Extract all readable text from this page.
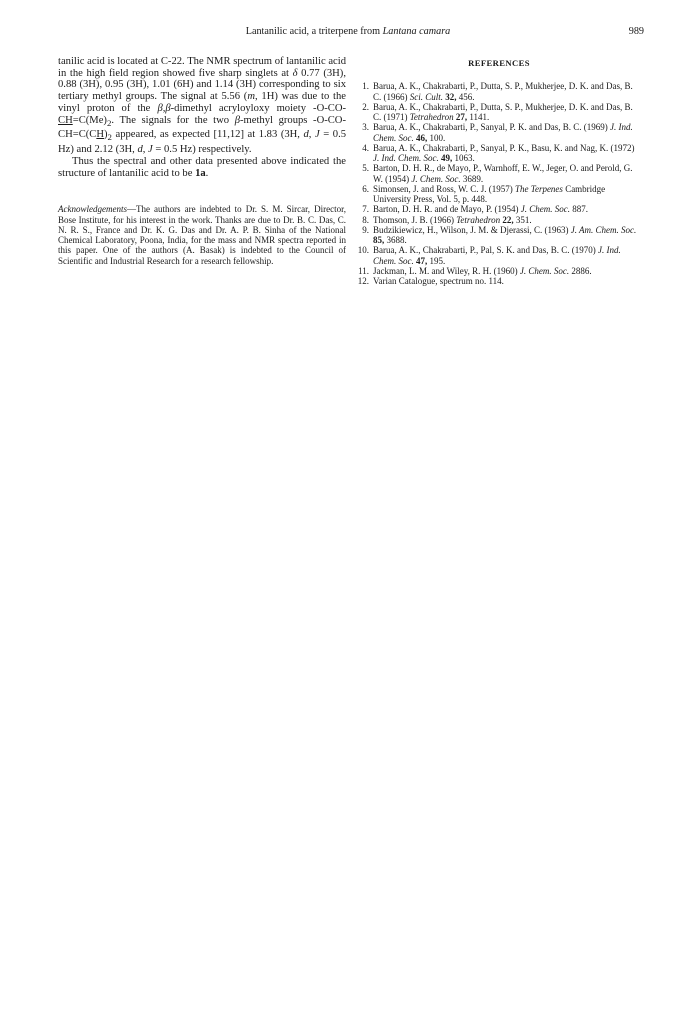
Lantanilic acid, a triterpene from Lantana camara	989

tanilic acid is located at C-22. The NMR spectrum of lantanilic acid in the high field region showed five sharp singlets at δ 0.77 (3H), 0.88 (3H), 0.95 (3H), 1.01 (6H) and 1.14 (3H) corresponding to six tertiary methyl groups. The signal at 5.56 (m, 1H) was due to the vinyl proton of the β,β-dimethyl acryloyloxy moiety $-O-CO-CH=C(Me)_2$. The signals for the two β-methyl groups $-O-CO-CH=C(CH)_2$ appeared, as expected [11,12] at 1.83 (3H, d, J = 0.5 Hz) and 2.12 (3H, d, J = 0.5 Hz) respectively.

Thus the spectral and other data presented above indicated the structure of lantanilic acid to be 1a.

Acknowledgements—The authors are indebted to Dr. S. M. Sircar, Director, Bose Institute, for his interest in the work. Thanks are due to Dr. B. C. Das, C. N. R. S., France and Dr. K. G. Das and Dr. A. P. B. Sinha of the National Chemical Laboratory, Poona, India, for the mass and NMR spectra reported in this paper. One of the authors (A. Basak) is indebted to the Council of Scientific and Industrial Research for a research fellowship.

REFERENCES
1. Barua, A. K., Chakrabarti, P., Dutta, S. P., Mukherjee, D. K. and Das, B. C. (1966) Sci. Cult. 32, 456.
2. Barua, A. K., Chakrabarti, P., Dutta, S. P., Mukherjee, D. K. and Das, B. C. (1971) Tetrahedron 27, 1141.
3. Barua, A. K., Chakrabarti, P., Sanyal, P. K. and Das, B. C. (1969) J. Ind. Chem. Soc. 46, 100.
4. Barua, A. K., Chakrabarti, P., Sanyal, P. K., Basu, K. and Nag, K. (1972) J. Ind. Chem. Soc. 49, 1063.
5. Barton, D. H. R., de Mayo, P., Warnhoff, E. W., Jeger, O. and Perold, G. W. (1954) J. Chem. Soc. 3689.
6. Simonsen, J. and Ross, W. C. J. (1957) The Terpenes Cambridge University Press, Vol. 5, p. 448.
7. Barton, D. H. R. and de Mayo, P. (1954) J. Chem. Soc. 887.
8. Thomson, J. B. (1966) Tetrahedron 22, 351.
9. Budzikiewicz, H., Wilson, J. M. & Djerassi, C. (1963) J. Am. Chem. Soc. 85, 3688.
10. Barua, A. K., Chakrabarti, P., Pal, S. K. and Das, B. C. (1970) J. Ind. Chem. Soc. 47, 195.
11. Jackman, L. M. and Wiley, R. H. (1960) J. Chem. Soc. 2886.
12. Varian Catalogue, spectrum no. 114.
